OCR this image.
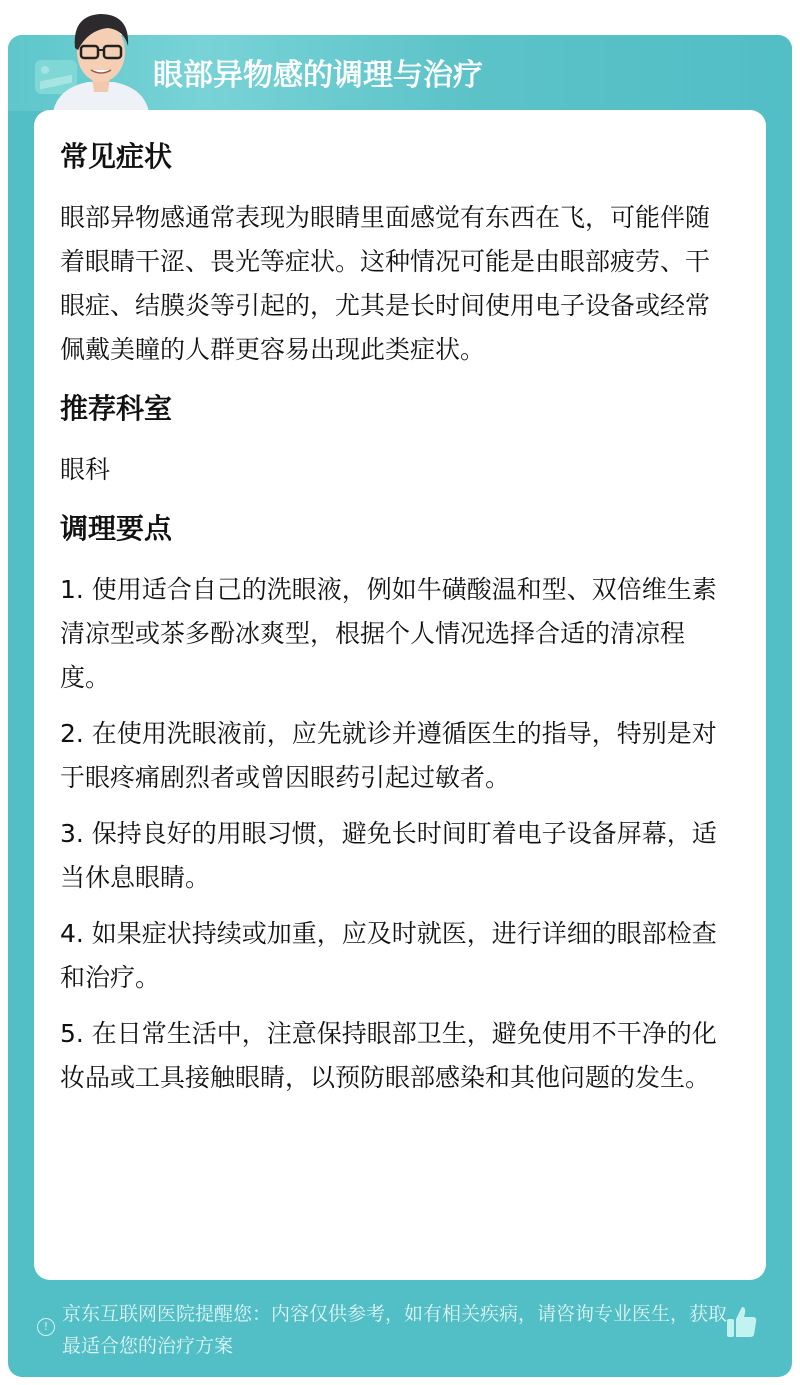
眼部异物感的调理与治疗
常见症状

眼部异物感通常表现为眼睛里面感觉有东西在飞，可能伴随着眼睛干涩、畏光等症状。这种情况可能是由眼部疲劳、干眼症、结膜炎等引起的，尤其是长时间使用电子设备或经常佩戴美瞳的人群更容易出现此类症状。

推荐科室

眼科

调理要点

1. 使用适合自己的洗眼液，例如牛磺酸温和型、双倍维生素清凉型或茶多酚冰爽型，根据个人情况选择合适的清凉程度。

2. 在使用洗眼液前，应先就诊并遵循医生的指导，特别是对于眼疼痛剧烈者或曾因眼药引起过敏者。

3. 保持良好的用眼习惯，避免长时间盯着电子设备屏幕，适当休息眼睛。

4. 如果症状持续或加重，应及时就医，进行详细的眼部检查和治疗。

5. 在日常生活中，注意保持眼部卫生，避免使用不干净的化妆品或工具接触眼睛，以预防眼部感染和其他问题的发生。

!
京东互联网医院提醒您：内容仅供参考，如有相关疾病，请咨询专业医生，获取最适合您的治疗方案
